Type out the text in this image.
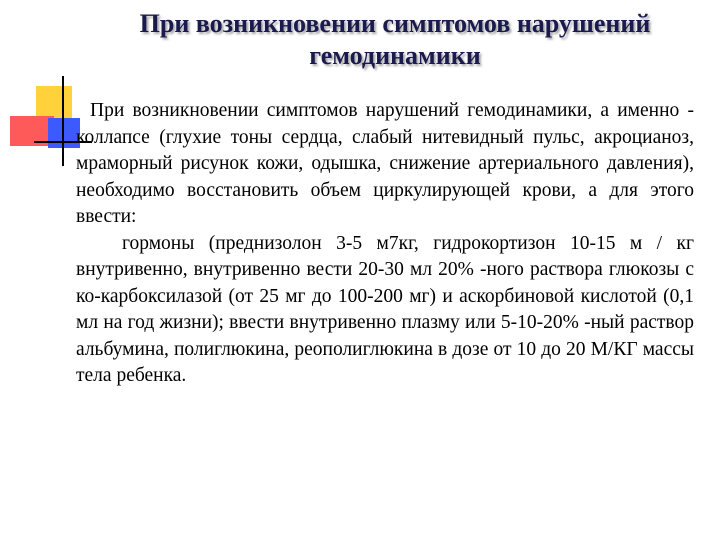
При возникновении симптомов нарушений гемодинамики

При возникновении симптомов нарушений гемодинамики, а именно - коллапсе (глухие тоны сердца, слабый нитевидный пульс, акроцианоз, мраморный рисунок кожи, одышка, снижение артериального давления), необходимо восстановить объем циркулирующей крови, а для этого ввести:

гормоны (преднизолон 3-5 м7кг, гидрокортизон 10-15 м / кг внутривенно, внутривенно вести 20-30 мл 20% -ного раствора глюкозы с ко-карбоксилазой (от 25 мг до 100-200 мг) и аскорбиновой кислотой (0,1 мл на год жизни); ввести внутривенно плазму или 5-10-20% -ный раствор альбумина, полиглюкина, реополиглюкина в дозе от 10 до 20 М/КГ массы тела ребенка.
